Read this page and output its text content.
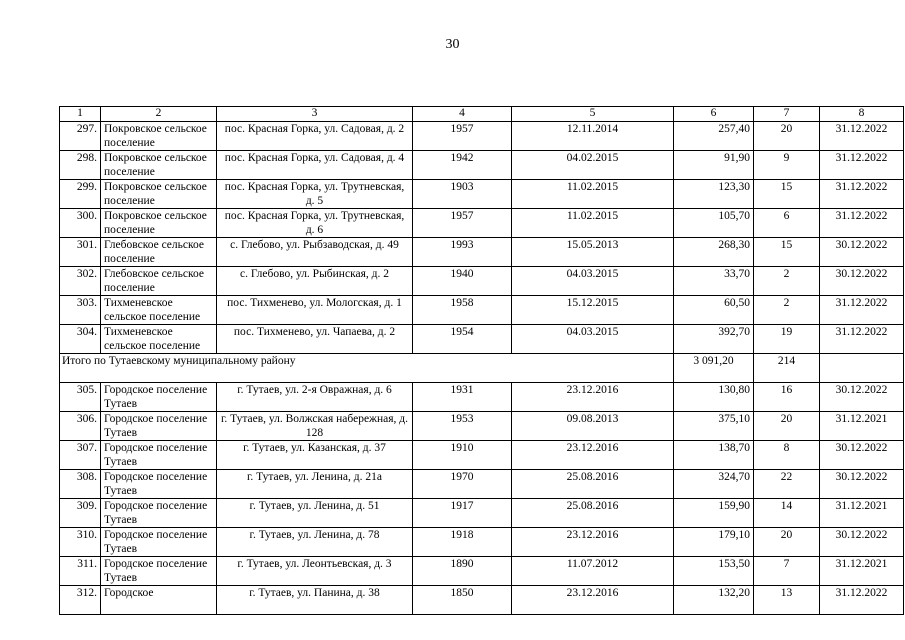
30
1	2	3	4	5	6	7	8
297.	Покровское сельское поселение	пос. Красная Горка, ул. Садовая, д. 2	1957	12.11.2014	257,40	20	31.12.2022
298.	Покровское сельское поселение	пос. Красная Горка, ул. Садовая, д. 4	1942	04.02.2015	91,90	9	31.12.2022
299.	Покровское сельское поселение	пос. Красная Горка, ул. Трутневская, д. 5	1903	11.02.2015	123,30	15	31.12.2022
300.	Покровское сельское поселение	пос. Красная Горка, ул. Трутневская, д. 6	1957	11.02.2015	105,70	6	31.12.2022
301.	Глебовское сельское поселение	с. Глебово, ул. Рыбзаводская, д. 49	1993	15.05.2013	268,30	15	30.12.2022
302.	Глебовское сельское поселение	с. Глебово, ул. Рыбинская, д. 2	1940	04.03.2015	33,70	2	30.12.2022
303.	Тихменевское сельское поселение	пос. Тихменево, ул. Мологская, д. 1	1958	15.12.2015	60,50	2	31.12.2022
304.	Тихменевское сельское поселение	пос. Тихменево, ул. Чапаева, д. 2	1954	04.03.2015	392,70	19	31.12.2022
Итого по Тутаевскому муниципальному району					3 091,20	214	
305.	Городское поселение Тутаев	г. Тутаев, ул. 2-я Овражная, д. 6	1931	23.12.2016	130,80	16	30.12.2022
306.	Городское поселение Тутаев	г. Тутаев, ул. Волжская набережная, д. 128	1953	09.08.2013	375,10	20	31.12.2021
307.	Городское поселение Тутаев	г. Тутаев, ул. Казанская, д. 37	1910	23.12.2016	138,70	8	30.12.2022
308.	Городское поселение Тутаев	г. Тутаев, ул. Ленина, д. 21а	1970	25.08.2016	324,70	22	30.12.2022
309.	Городское поселение Тутаев	г. Тутаев, ул. Ленина, д. 51	1917	25.08.2016	159,90	14	31.12.2021
310.	Городское поселение Тутаев	г. Тутаев, ул. Ленина, д. 78	1918	23.12.2016	179,10	20	30.12.2022
311.	Городское поселение Тутаев	г. Тутаев, ул. Леонтьевская, д. 3	1890	11.07.2012	153,50	7	31.12.2021
312.	Городское	г. Тутаев, ул. Панина, д. 38	1850	23.12.2016	132,20	13	31.12.2022
